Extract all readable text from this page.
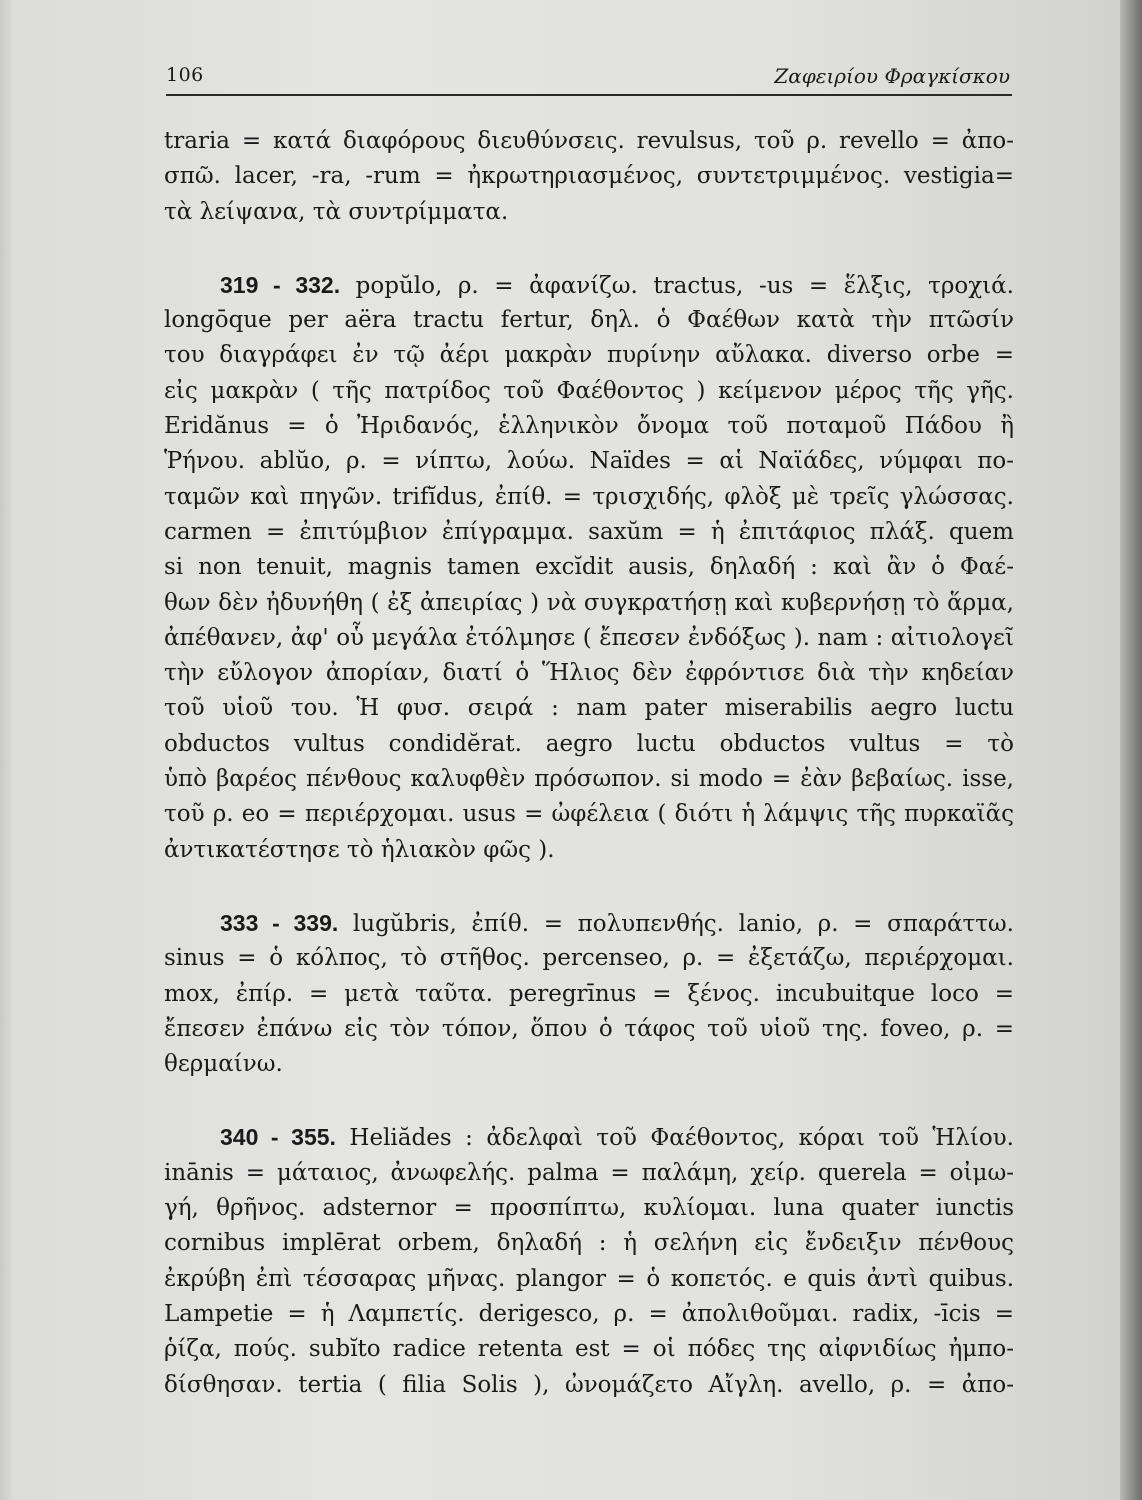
106	Ζαφειρίου Φραγκίσκου
traria = κατά διαφόρους διευθύνσεις. revulsus, τοῦ ρ. revello = ἀπο-
σπῶ. lacer, -ra, -rum = ἠκρωτηριασμένος, συντετριμμένος. vestigia=
τὰ λείψανα, τὰ συντρίμματα.
319 - 332. popŭlo, ρ. = ἀφανίζω. tractus, -us = ἕλξις, τροχιά.
longōque per aëra tractu fertur, δηλ. ὁ Φαέθων κατὰ τὴν πτῶσίν
του διαγράφει ἐν τῷ ἀέρι μακρὰν πυρίνην αὔλακα. diverso orbe =
εἰς μακρὰν ( τῆς πατρίδος τοῦ Φαέθοντος ) κείμενον μέρος τῆς γῆς.
Eridănus = ὁ Ἠριδανός, ἑλληνικὸν ὄνομα τοῦ ποταμοῦ Πάδου ἢ
Ῥήνου. ablŭo, ρ. = νίπτω, λούω. Naïdes = αἱ Ναϊάδες, νύμφαι πο-
ταμῶν καὶ πηγῶν. trifĭdus, ἐπίθ. = τρισχιδής, φλὸξ μὲ τρεῖς γλώσσας.
carmen = ἐπιτύμβιον ἐπίγραμμα. saxŭm = ἡ ἐπιτάφιος πλάξ. quem
si non tenuit, magnis tamen excĭdit ausis, δηλαδή : καὶ ἂν ὁ Φαέ-
θων δὲν ἠδυνήθη ( ἐξ ἀπειρίας ) νὰ συγκρατήσῃ καὶ κυβερνήσῃ τὸ ἅρμα,
ἀπέθανεν, ἀφ' οὗ μεγάλα ἐτόλμησε ( ἔπεσεν ἐνδόξως ). nam : αἰτιολογεῖ
τὴν εὔλογον ἀπορίαν, διατί ὁ Ἥλιος δὲν ἐφρόντισε διὰ τὴν κηδείαν
τοῦ υἱοῦ του. Ἡ φυσ. σειρά : nam pater miserabilis aegro luctu
obductos vultus condidĕrat. aegro luctu obductos vultus = τὸ
ὑπὸ βαρέος πένθους καλυφθὲν πρόσωπον. si modo = ἐὰν βεβαίως. isse,
τοῦ ρ. eo = περιέρχομαι. usus = ὠφέλεια ( διότι ἡ λάμψις τῆς πυρκαϊᾶς
ἀντικατέστησε τὸ ἡλιακὸν φῶς ).
333 - 339. lugŭbris, ἐπίθ. = πολυπενθής. lanio, ρ. = σπαράττω.
sinus = ὁ κόλπος, τὸ στῆθος. percenseo, ρ. = ἐξετάζω, περιέρχομαι.
mox, ἐπίρ. = μετὰ ταῦτα. peregrīnus = ξένος. incubuitque loco =
ἔπεσεν ἐπάνω εἰς τὸν τόπον, ὅπου ὁ τάφος τοῦ υἱοῦ της. foveo, ρ. =
θερμαίνω.
340 - 355. Heliădes : ἀδελφαὶ τοῦ Φαέθοντος, κόραι τοῦ Ἡλίου.
inānis = μάταιος, ἀνωφελής. palma = παλάμη, χείρ. querela = οἰμω-
γή, θρῆνος. adsternor = προσπίπτω, κυλίομαι. luna quater iunctis
cornibus implērat orbem, δηλαδή : ἡ σελήνη εἰς ἔνδειξιν πένθους
ἐκρύβη ἐπὶ τέσσαρας μῆνας. plangor = ὁ κοπετός. e quis ἀντὶ quibus.
Lampetie = ἡ Λαμπετίς. derigesco, ρ. = ἀπολιθοῦμαι. radix, -īcis =
ῥίζα, πούς. subĭto radice retenta est = οἱ πόδες της αἰφνιδίως ἠμπο-
δίσθησαν. tertia ( filia Solis ), ὠνομάζετο Αἴγλη. avello, ρ. = ἀπο-
